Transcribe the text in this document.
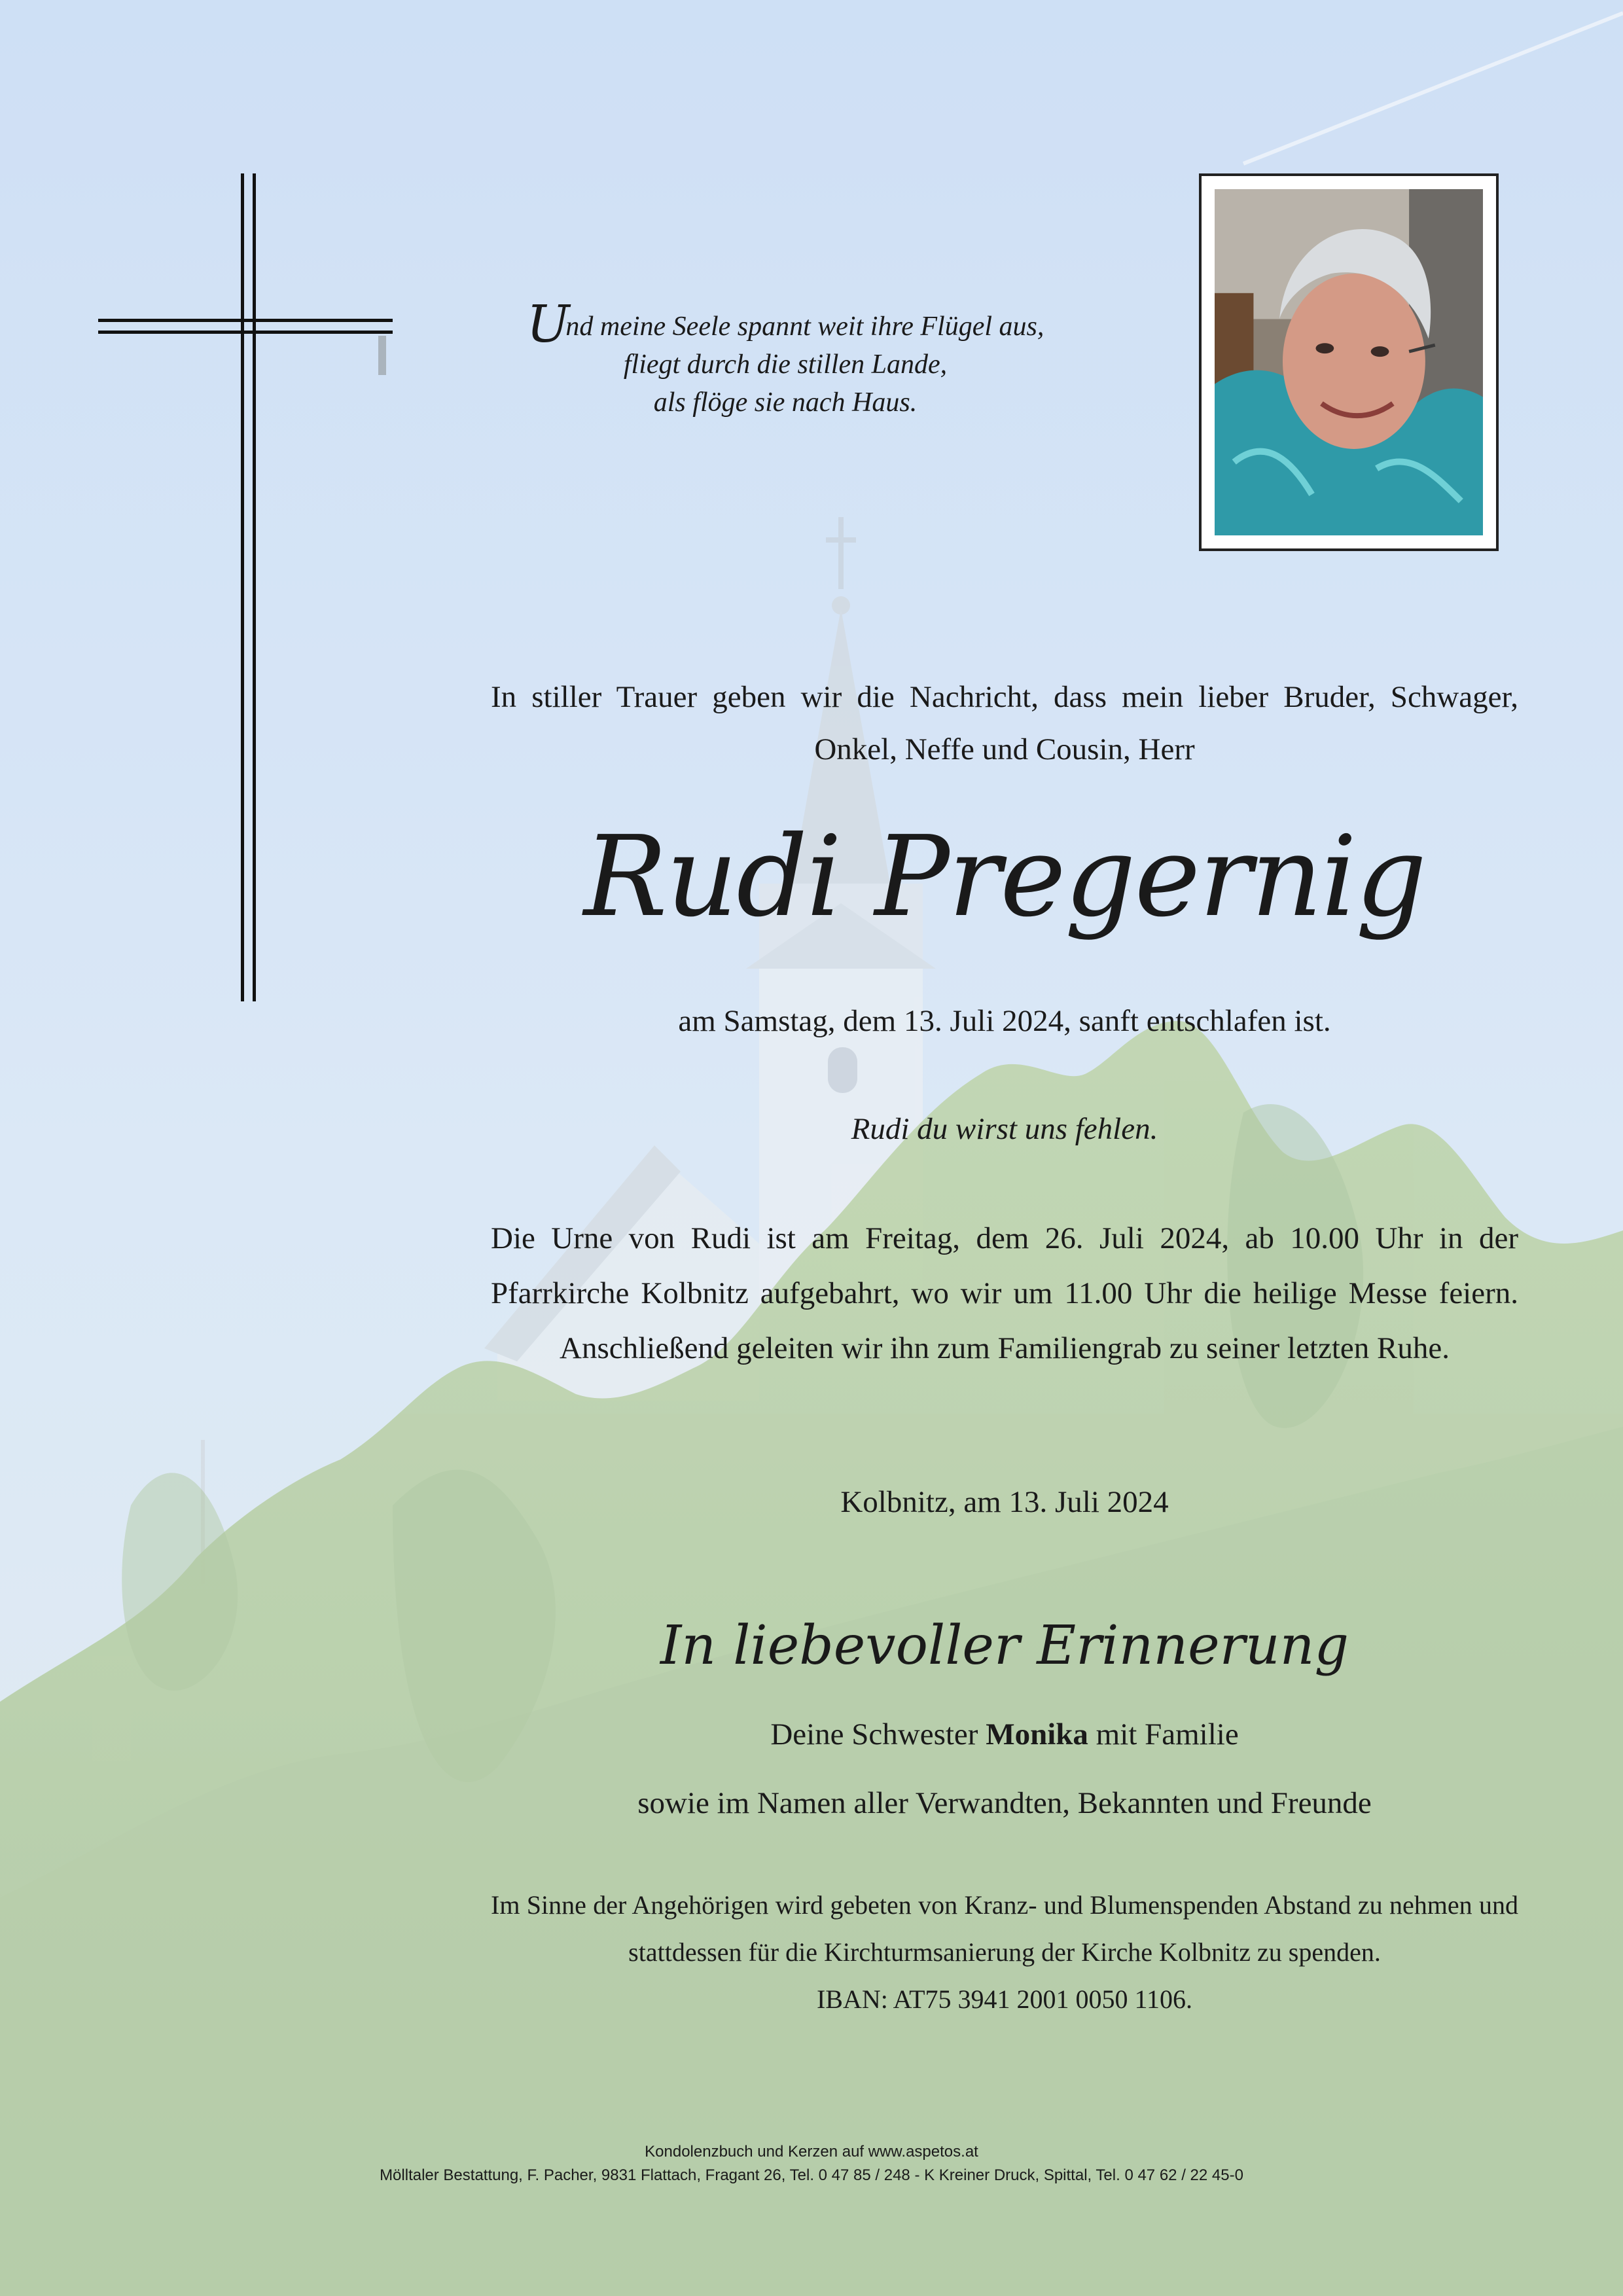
Und meine Seele spannt weit ihre Flügel aus,
fliegt durch die stillen Lande,
als flöge sie nach Haus.
In stiller Trauer geben wir die Nachricht, dass mein lieber Bruder, Schwager, Onkel, Neffe und Cousin, Herr
Rudi Pregernig
am Samstag, dem 13. Juli 2024, sanft entschlafen ist.
Rudi du wirst uns fehlen.
Die Urne von Rudi ist am Freitag, dem 26. Juli 2024, ab 10.00 Uhr in der Pfarrkirche Kolbnitz aufgebahrt, wo wir um 11.00 Uhr die heilige Messe feiern. Anschließend geleiten wir ihn zum Familiengrab zu seiner letzten Ruhe.
Kolbnitz, am 13. Juli 2024
In liebevoller Erinnerung
Deine Schwester Monika mit Familie
sowie im Namen aller Verwandten, Bekannten und Freunde
Im Sinne der Angehörigen wird gebeten von Kranz- und Blumenspenden Abstand zu nehmen und stattdessen für die Kirchturmsanierung der Kirche Kolbnitz zu spenden.
IBAN: AT75 3941 2001 0050 1106.
Kondolenzbuch und Kerzen auf www.aspetos.at
Mölltaler Bestattung, F. Pacher, 9831 Flattach, Fragant 26, Tel. 0 47 85 / 248 - K Kreiner Druck, Spittal, Tel. 0 47 62 / 22 45-0
